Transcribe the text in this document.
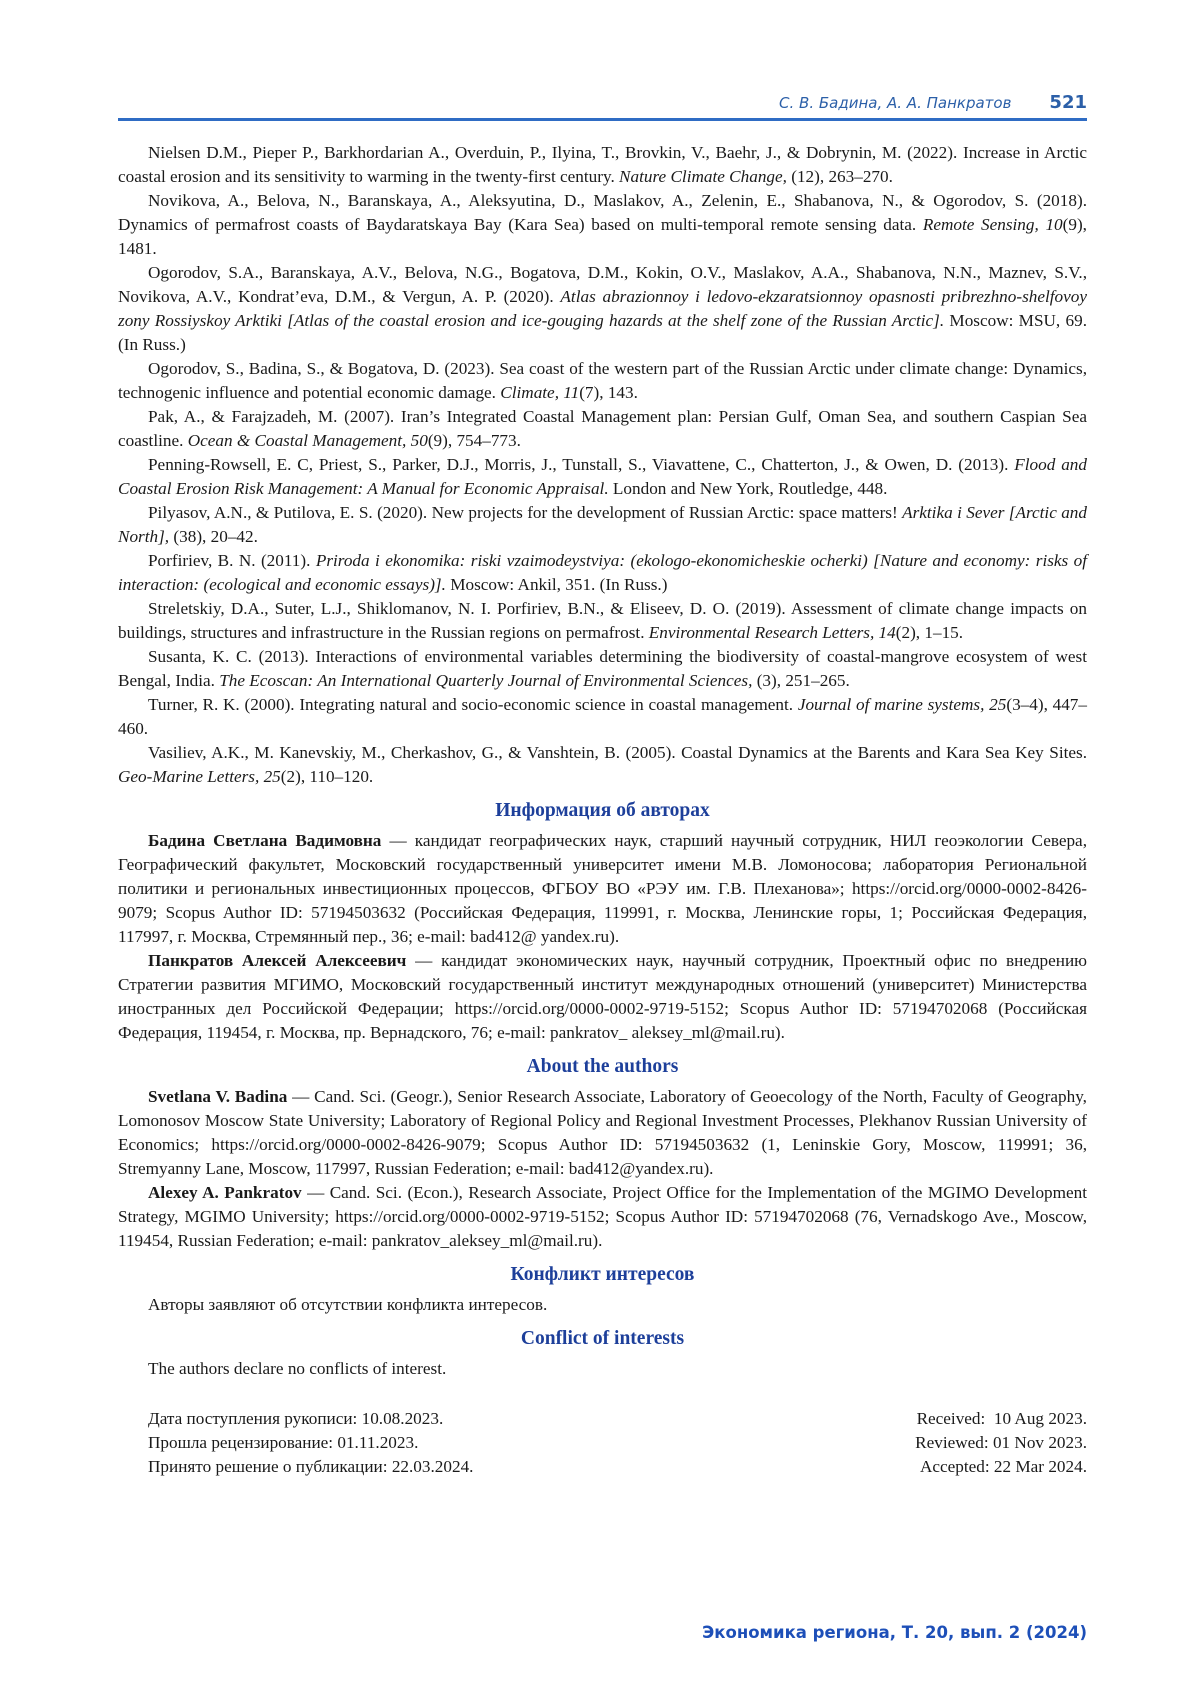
С. В. Бадина, А. А. Панкратов 521

Nielsen D.M., Pieper P., Barkhordarian A., Overduin, P., Ilyina, T., Brovkin, V., Baehr, J., & Dobrynin, M. (2022). Increase in Arctic coastal erosion and its sensitivity to warming in the twenty-first century. Nature Climate Change, (12), 263–270.

Novikova, A., Belova, N., Baranskaya, A., Aleksyutina, D., Maslakov, A., Zelenin, E., Shabanova, N., & Ogorodov, S. (2018). Dynamics of permafrost coasts of Baydaratskaya Bay (Kara Sea) based on multi-temporal remote sensing data. Remote Sensing, 10(9), 1481.

Ogorodov, S.A., Baranskaya, A.V., Belova, N.G., Bogatova, D.M., Kokin, O.V., Maslakov, A.A., Shabanova, N.N., Maznev, S.V., Novikova, A.V., Kondrat’eva, D.M., & Vergun, A. P. (2020). Atlas abrazionnoy i ledovo-ekzaratsionnoy opasnosti pribrezhno-shelfovoy zony Rossiyskoy Arktiki [Atlas of the coastal erosion and ice-gouging hazards at the shelf zone of the Russian Arctic]. Moscow: MSU, 69. (In Russ.)

Ogorodov, S., Badina, S., & Bogatova, D. (2023). Sea coast of the western part of the Russian Arctic under climate change: Dynamics, technogenic influence and potential economic damage. Climate, 11(7), 143.

Pak, A., & Farajzadeh, M. (2007). Iran’s Integrated Coastal Management plan: Persian Gulf, Oman Sea, and southern Caspian Sea coastline. Ocean & Coastal Management, 50(9), 754–773.

Penning-Rowsell, E. C, Priest, S., Parker, D.J., Morris, J., Tunstall, S., Viavattene, C., Chatterton, J., & Owen, D. (2013). Flood and Coastal Erosion Risk Management: A Manual for Economic Appraisal. London and New York, Routledge, 448.

Pilyasov, A.N., & Putilova, E. S. (2020). New projects for the development of Russian Arctic: space matters! Arktika i Sever [Arctic and North], (38), 20–42.

Porfiriev, B. N. (2011). Priroda i ekonomika: riski vzaimodeystviya: (ekologo-ekonomicheskie ocherki) [Nature and economy: risks of interaction: (ecological and economic essays)]. Moscow: Ankil, 351. (In Russ.)

Streletskiy, D.A., Suter, L.J., Shiklomanov, N. I. Porfiriev, B.N., & Eliseev, D. O. (2019). Assessment of climate change impacts on buildings, structures and infrastructure in the Russian regions on permafrost. Environmental Research Letters, 14(2), 1–15.

Susanta, K. C. (2013). Interactions of environmental variables determining the biodiversity of coastal-mangrove ecosystem of west Bengal, India. The Ecoscan: An International Quarterly Journal of Environmental Sciences, (3), 251–265.

Turner, R. K. (2000). Integrating natural and socio-economic science in coastal management. Journal of marine systems, 25(3–4), 447–460.

Vasiliev, A.K., M. Kanevskiy, M., Cherkashov, G., & Vanshtein, B. (2005). Coastal Dynamics at the Barents and Kara Sea Key Sites. Geo-Marine Letters, 25(2), 110–120.

Информация об авторах

Бадина Светлана Вадимовна — кандидат географических наук, старший научный сотрудник, НИЛ геоэкологии Севера, Географический факультет, Московский государственный университет имени М.В. Ломоносова; лаборатория Региональной политики и региональных инвестиционных процессов, ФГБОУ ВО «РЭУ им. Г.В. Плеханова»; https://orcid.org/0000-0002-8426-9079; Scopus Author ID: 57194503632 (Российская Федерация, 119991, г. Москва, Ленинские горы, 1; Российская Федерация, 117997, г. Москва, Стремянный пер., 36; e-mail: bad412@ yandex.ru).

Панкратов Алексей Алексеевич — кандидат экономических наук, научный сотрудник, Проектный офис по внедрению Стратегии развития МГИМО, Московский государственный институт международных отношений (университет) Министерства иностранных дел Российской Федерации; https://orcid.org/0000-0002-9719-5152; Scopus Author ID: 57194702068 (Российская Федерация, 119454, г. Москва, пр. Вернадского, 76; e-mail: pankratov_ aleksey_ml@mail.ru).

About the authors

Svetlana V. Badina — Cand. Sci. (Geogr.), Senior Research Associate, Laboratory of Geoecology of the North, Faculty of Geography, Lomonosov Moscow State University; Laboratory of Regional Policy and Regional Investment Processes, Plekhanov Russian University of Economics; https://orcid.org/0000-0002-8426-9079; Scopus Author ID: 57194503632 (1, Leninskie Gory, Moscow, 119991; 36, Stremyanny Lane, Moscow, 117997, Russian Federation; e-mail: bad412@yandex.ru).

Alexey A. Pankratov — Cand. Sci. (Econ.), Research Associate, Project Office for the Implementation of the MGIMO Development Strategy, MGIMO University; https://orcid.org/0000-0002-9719-5152; Scopus Author ID: 57194702068 (76, Vernadskogo Ave., Moscow, 119454, Russian Federation; e-mail: pankratov_aleksey_ml@mail.ru).

Конфликт интересов

Авторы заявляют об отсутствии конфликта интересов.

Conflict of interests

The authors declare no conflicts of interest.

Дата поступления рукописи: 10.08.2023.
Прошла рецензирование: 01.11.2023.
Принято решение о публикации: 22.03.2024.
Received:  10 Aug 2023.
Reviewed: 01 Nov 2023.
Accepted: 22 Mar 2024.
Экономика региона, Т. 20, вып. 2 (2024)
